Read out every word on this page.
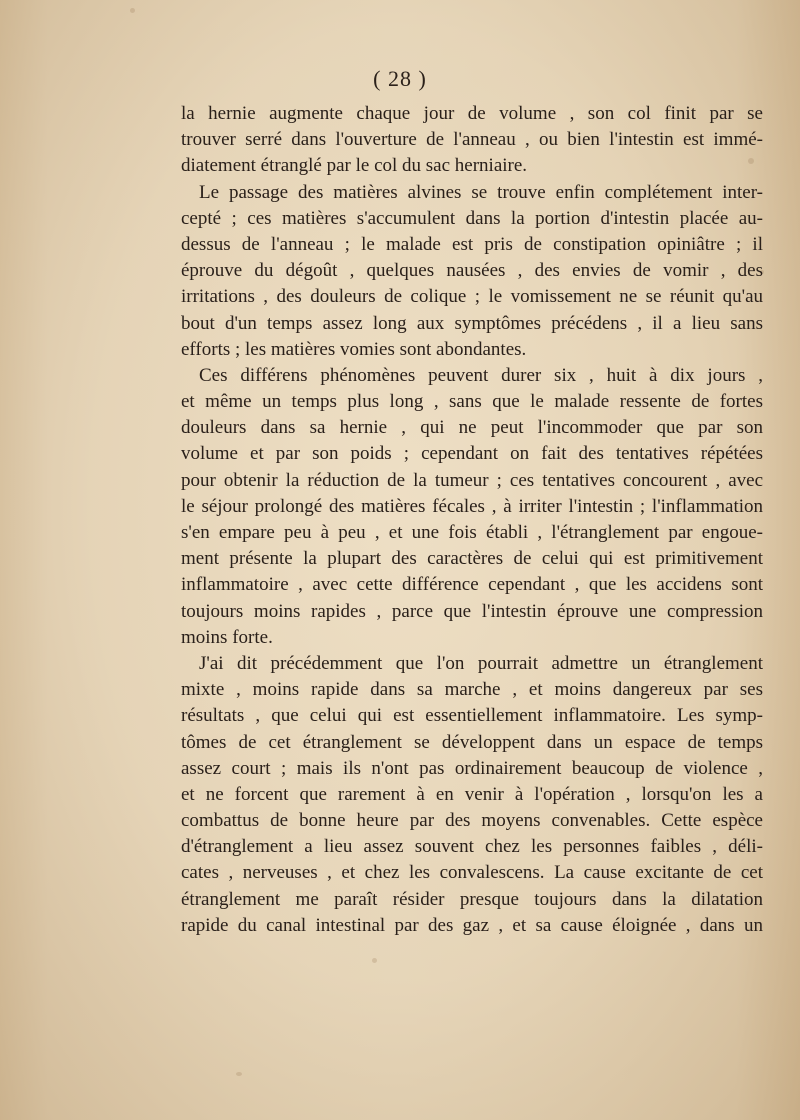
( 28 )
la hernie augmente chaque jour de volume , son col finit par se
trouver serré dans l'ouverture de l'anneau , ou bien l'intestin est immé-
diatement étranglé par le col du sac herniaire.
Le passage des matières alvines se trouve enfin complétement inter-
cepté ; ces matières s'accumulent dans la portion d'intestin placée au-
dessus de l'anneau ; le malade est pris de constipation opiniâtre ; il
éprouve du dégoût , quelques nausées , des envies de vomir , des
irritations , des douleurs de colique ; le vomissement ne se réunit qu'au
bout d'un temps assez long aux symptômes précédens , il a lieu sans
efforts ; les matières vomies sont abondantes.
Ces différens phénomènes peuvent durer six , huit à dix jours ,
et même un temps plus long , sans que le malade ressente de fortes
douleurs dans sa hernie , qui ne peut l'incommoder que par son
volume et par son poids ; cependant on fait des tentatives répétées
pour obtenir la réduction de la tumeur ; ces tentatives concourent , avec
le séjour prolongé des matières fécales , à irriter l'intestin ; l'inflammation
s'en empare peu à peu , et une fois établi , l'étranglement par engoue-
ment présente la plupart des caractères de celui qui est primitivement
inflammatoire , avec cette différence cependant , que les accidens sont
toujours moins rapides , parce que l'intestin éprouve une compression
moins forte.
J'ai dit précédemment que l'on pourrait admettre un étranglement
mixte , moins rapide dans sa marche , et moins dangereux par ses
résultats , que celui qui est essentiellement inflammatoire. Les symp-
tômes de cet étranglement se développent dans un espace de temps
assez court ; mais ils n'ont pas ordinairement beaucoup de violence ,
et ne forcent que rarement à en venir à l'opération , lorsqu'on les a
combattus de bonne heure par des moyens convenables. Cette espèce
d'étranglement a lieu assez souvent chez les personnes faibles , déli-
cates , nerveuses , et chez les convalescens. La cause excitante de cet
étranglement me paraît résider presque toujours dans la dilatation
rapide du canal intestinal par des gaz , et sa cause éloignée , dans un
